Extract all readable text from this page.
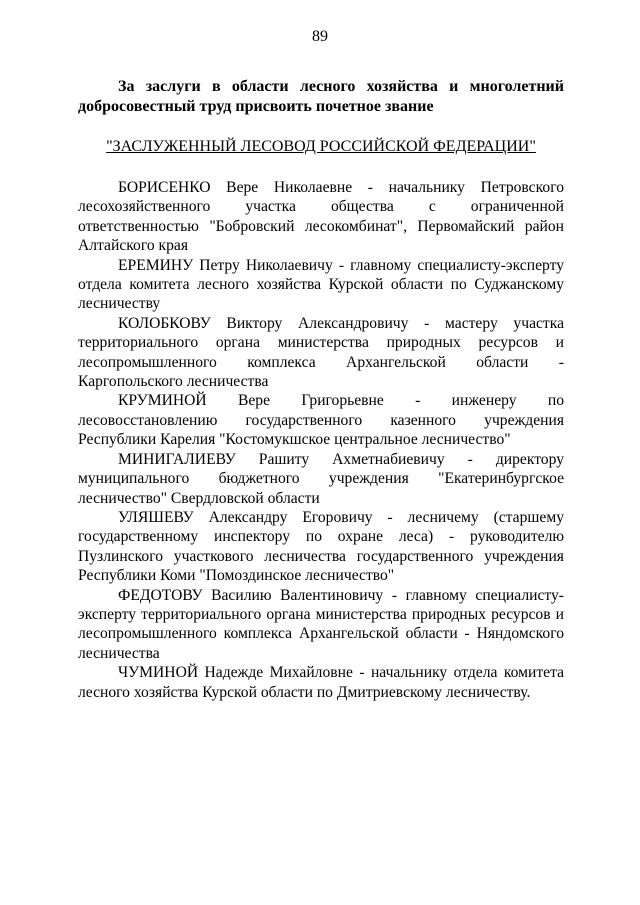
89
За заслуги в области лесного хозяйства и многолетний добросовестный труд присвоить почетное звание
"ЗАСЛУЖЕННЫЙ ЛЕСОВОД РОССИЙСКОЙ ФЕДЕРАЦИИ"

БОРИСЕНКО Вере Николаевне - начальнику Петровского лесохозяйственного участка общества с ограниченной ответственностью "Бобровский лесокомбинат", Первомайский район Алтайского края

ЕРЕМИНУ Петру Николаевичу - главному специалисту-эксперту отдела комитета лесного хозяйства Курской области по Суджанскому лесничеству

КОЛОБКОВУ Виктору Александровичу - мастеру участка территориального органа министерства природных ресурсов и лесопромышленного комплекса Архангельской области - Каргопольского лесничества

КРУМИНОЙ Вере Григорьевне - инженеру по лесовосстановлению государственного казенного учреждения Республики Карелия "Костомукшское центральное лесничество"

МИНИГАЛИЕВУ Рашиту Ахметнабиевичу - директору муниципального бюджетного учреждения "Екатеринбургское лесничество" Свердловской области

УЛЯШЕВУ Александру Егоровичу - лесничему (старшему государственному инспектору по охране леса) - руководителю Пузлинского участкового лесничества государственного учреждения Республики Коми "Помоздинское лесничество"

ФЕДОТОВУ Василию Валентиновичу - главному специалисту-эксперту территориального органа министерства природных ресурсов и лесопромышленного комплекса Архангельской области - Няндомского лесничества

ЧУМИНОЙ Надежде Михайловне - начальнику отдела комитета лесного хозяйства Курской области по Дмитриевскому лесничеству.
